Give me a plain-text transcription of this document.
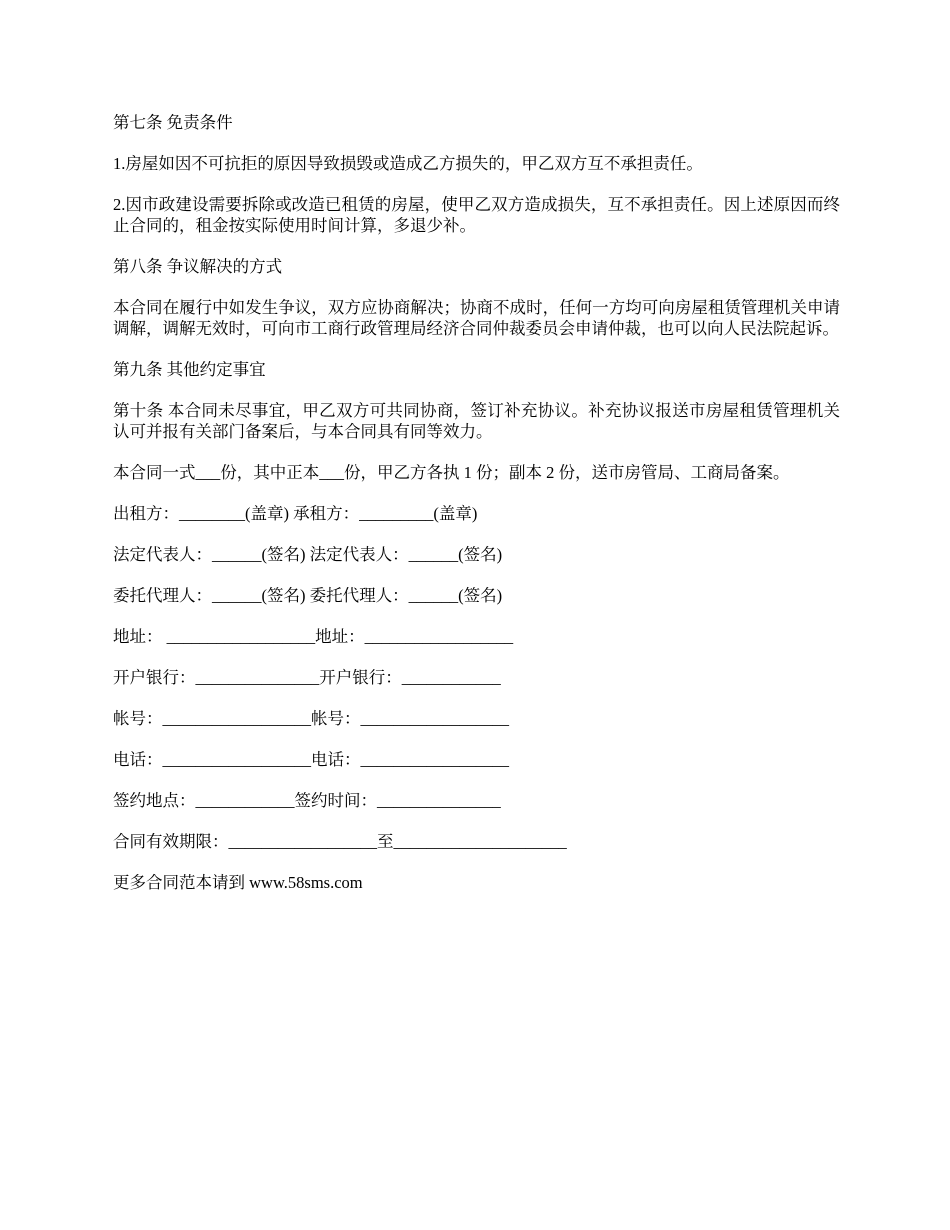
第七条 免责条件

1.房屋如因不可抗拒的原因导致损毁或造成乙方损失的，甲乙双方互不承担责任。

2.因市政建设需要拆除或改造已租赁的房屋，使甲乙双方造成损失，互不承担责任。因上述原因而终止合同的，租金按实际使用时间计算，多退少补。

第八条 争议解决的方式

本合同在履行中如发生争议，双方应协商解决；协商不成时，任何一方均可向房屋租赁管理机关申请调解，调解无效时，可向市工商行政管理局经济合同仲裁委员会申请仲裁，也可以向人民法院起诉。

第九条 其他约定事宜

第十条 本合同未尽事宜，甲乙双方可共同协商，签订补充协议。补充协议报送市房屋租赁管理机关认可并报有关部门备案后，与本合同具有同等效力。

本合同一式___份，其中正本___份，甲乙方各执 1 份；副本 2 份，送市房管局、工商局备案。

出租方：________(盖章) 承租方：_________(盖章)

法定代表人：______(签名) 法定代表人：______(签名)

委托代理人：______(签名) 委托代理人：______(签名)

地址： __________________地址：__________________

开户银行：_______________开户银行：____________

帐号：__________________帐号：__________________

电话：__________________电话：__________________

签约地点：____________签约时间：_______________

合同有效期限：__________________至_____________________

更多合同范本请到 www.58sms.com
